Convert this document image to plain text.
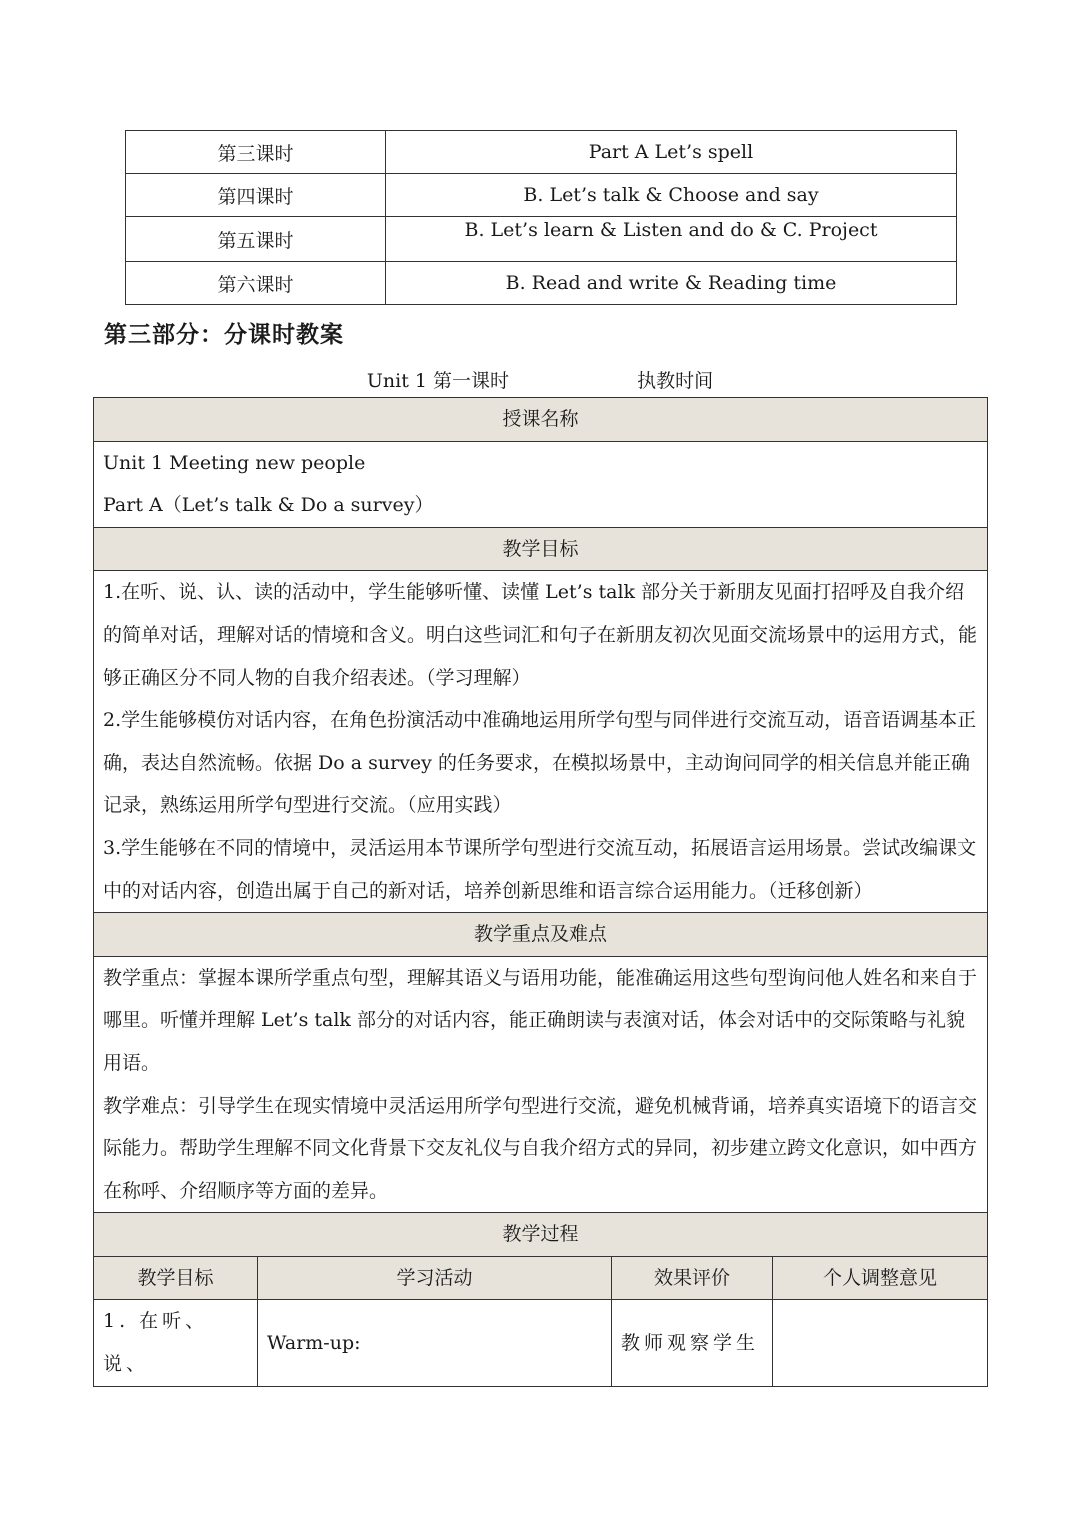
第三课时	Part A Let’s spell
第四课时	B. Let’s talk & Choose and say
第五课时	B. Let’s learn & Listen and do & C. Project
第六课时	B. Read and write & Reading time
第三部分：分课时教案

Unit 1 第一课时	执教时间

授课名称			

Unit 1 Meeting new people

Part A（Let’s talk & Do a survey）			

教学目标			

1.在听、说、认、读的活动中，学生能够听懂、读懂 Let’s talk 部分关于新朋友见面打招呼及自我介绍的简单对话，理解对话的情境和含义。明白这些词汇和句子在新朋友初次见面交流场景中的运用方式，能够正确区分不同人物的自我介绍表述。（学习理解）

2.学生能够模仿对话内容，在角色扮演活动中准确地运用所学句型与同伴进行交流互动，语音语调基本正确，表达自然流畅。依据 Do a survey 的任务要求，在模拟场景中，主动询问同学的相关信息并能正确记录，熟练运用所学句型进行交流。（应用实践）

3.学生能够在不同的情境中，灵活运用本节课所学句型进行交流互动，拓展语言运用场景。尝试改编课文中的对话内容，创造出属于自己的新对话，培养创新思维和语言综合运用能力。（迁移创新）			

教学重点及难点			

教学重点：掌握本课所学重点句型，理解其语义与语用功能，能准确运用这些句型询问他人姓名和来自于哪里。听懂并理解 Let’s talk 部分的对话内容，能正确朗读与表演对话，体会对话中的交际策略与礼貌用语。

教学难点：引导学生在现实情境中灵活运用所学句型进行交流，避免机械背诵，培养真实语境下的语言交际能力。帮助学生理解不同文化背景下交友礼仪与自我介绍方式的异同，初步建立跨文化意识，如中西方在称呼、介绍顺序等方面的差异。			

教学过程			
教学目标	学习活动	效果评价	个人调整意见
1. 在听、说、	Warm-up:	教师观察学生	
